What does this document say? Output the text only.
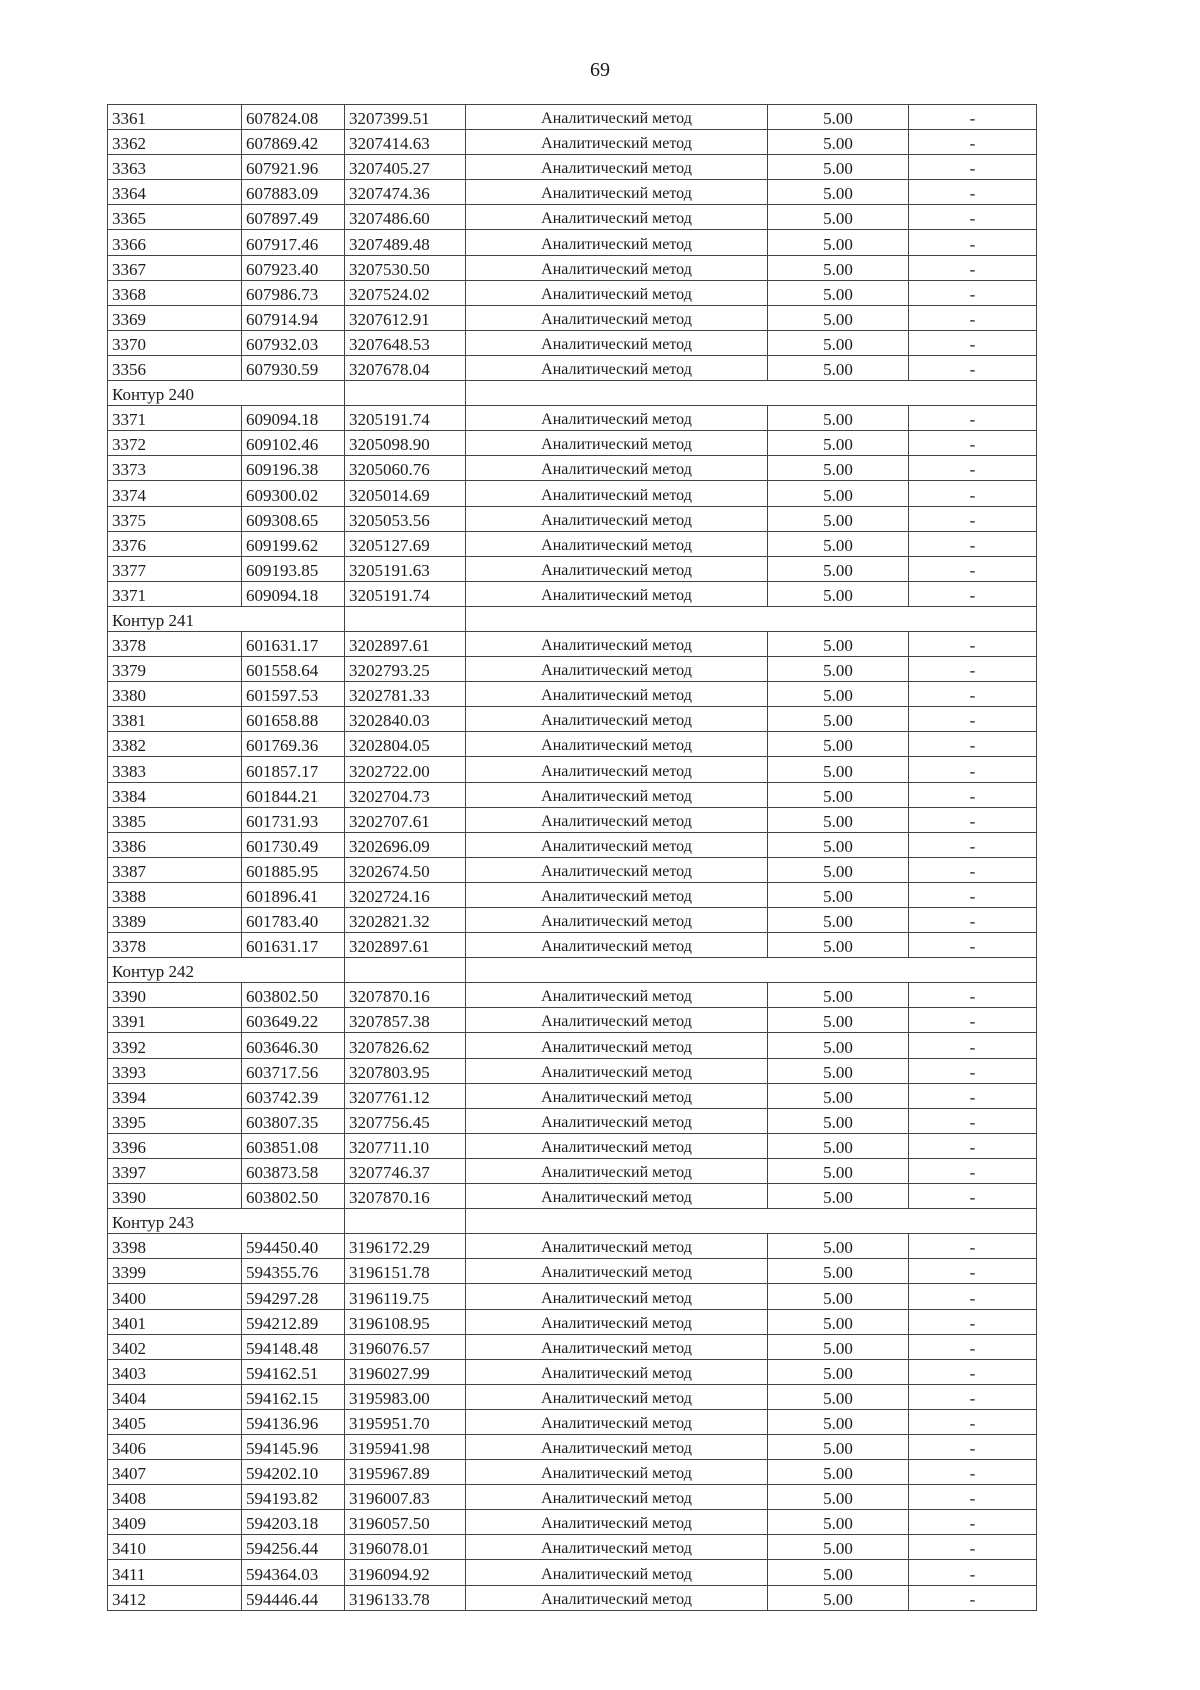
69
3361	607824.08	3207399.51	Аналитический метод	5.00	-
3362	607869.42	3207414.63	Аналитический метод	5.00	-
3363	607921.96	3207405.27	Аналитический метод	5.00	-
3364	607883.09	3207474.36	Аналитический метод	5.00	-
3365	607897.49	3207486.60	Аналитический метод	5.00	-
3366	607917.46	3207489.48	Аналитический метод	5.00	-
3367	607923.40	3207530.50	Аналитический метод	5.00	-
3368	607986.73	3207524.02	Аналитический метод	5.00	-
3369	607914.94	3207612.91	Аналитический метод	5.00	-
3370	607932.03	3207648.53	Аналитический метод	5.00	-
3356	607930.59	3207678.04	Аналитический метод	5.00	-
Контур 240					
3371	609094.18	3205191.74	Аналитический метод	5.00	-
3372	609102.46	3205098.90	Аналитический метод	5.00	-
3373	609196.38	3205060.76	Аналитический метод	5.00	-
3374	609300.02	3205014.69	Аналитический метод	5.00	-
3375	609308.65	3205053.56	Аналитический метод	5.00	-
3376	609199.62	3205127.69	Аналитический метод	5.00	-
3377	609193.85	3205191.63	Аналитический метод	5.00	-
3371	609094.18	3205191.74	Аналитический метод	5.00	-
Контур 241					
3378	601631.17	3202897.61	Аналитический метод	5.00	-
3379	601558.64	3202793.25	Аналитический метод	5.00	-
3380	601597.53	3202781.33	Аналитический метод	5.00	-
3381	601658.88	3202840.03	Аналитический метод	5.00	-
3382	601769.36	3202804.05	Аналитический метод	5.00	-
3383	601857.17	3202722.00	Аналитический метод	5.00	-
3384	601844.21	3202704.73	Аналитический метод	5.00	-
3385	601731.93	3202707.61	Аналитический метод	5.00	-
3386	601730.49	3202696.09	Аналитический метод	5.00	-
3387	601885.95	3202674.50	Аналитический метод	5.00	-
3388	601896.41	3202724.16	Аналитический метод	5.00	-
3389	601783.40	3202821.32	Аналитический метод	5.00	-
3378	601631.17	3202897.61	Аналитический метод	5.00	-
Контур 242					
3390	603802.50	3207870.16	Аналитический метод	5.00	-
3391	603649.22	3207857.38	Аналитический метод	5.00	-
3392	603646.30	3207826.62	Аналитический метод	5.00	-
3393	603717.56	3207803.95	Аналитический метод	5.00	-
3394	603742.39	3207761.12	Аналитический метод	5.00	-
3395	603807.35	3207756.45	Аналитический метод	5.00	-
3396	603851.08	3207711.10	Аналитический метод	5.00	-
3397	603873.58	3207746.37	Аналитический метод	5.00	-
3390	603802.50	3207870.16	Аналитический метод	5.00	-
Контур 243					
3398	594450.40	3196172.29	Аналитический метод	5.00	-
3399	594355.76	3196151.78	Аналитический метод	5.00	-
3400	594297.28	3196119.75	Аналитический метод	5.00	-
3401	594212.89	3196108.95	Аналитический метод	5.00	-
3402	594148.48	3196076.57	Аналитический метод	5.00	-
3403	594162.51	3196027.99	Аналитический метод	5.00	-
3404	594162.15	3195983.00	Аналитический метод	5.00	-
3405	594136.96	3195951.70	Аналитический метод	5.00	-
3406	594145.96	3195941.98	Аналитический метод	5.00	-
3407	594202.10	3195967.89	Аналитический метод	5.00	-
3408	594193.82	3196007.83	Аналитический метод	5.00	-
3409	594203.18	3196057.50	Аналитический метод	5.00	-
3410	594256.44	3196078.01	Аналитический метод	5.00	-
3411	594364.03	3196094.92	Аналитический метод	5.00	-
3412	594446.44	3196133.78	Аналитический метод	5.00	-
